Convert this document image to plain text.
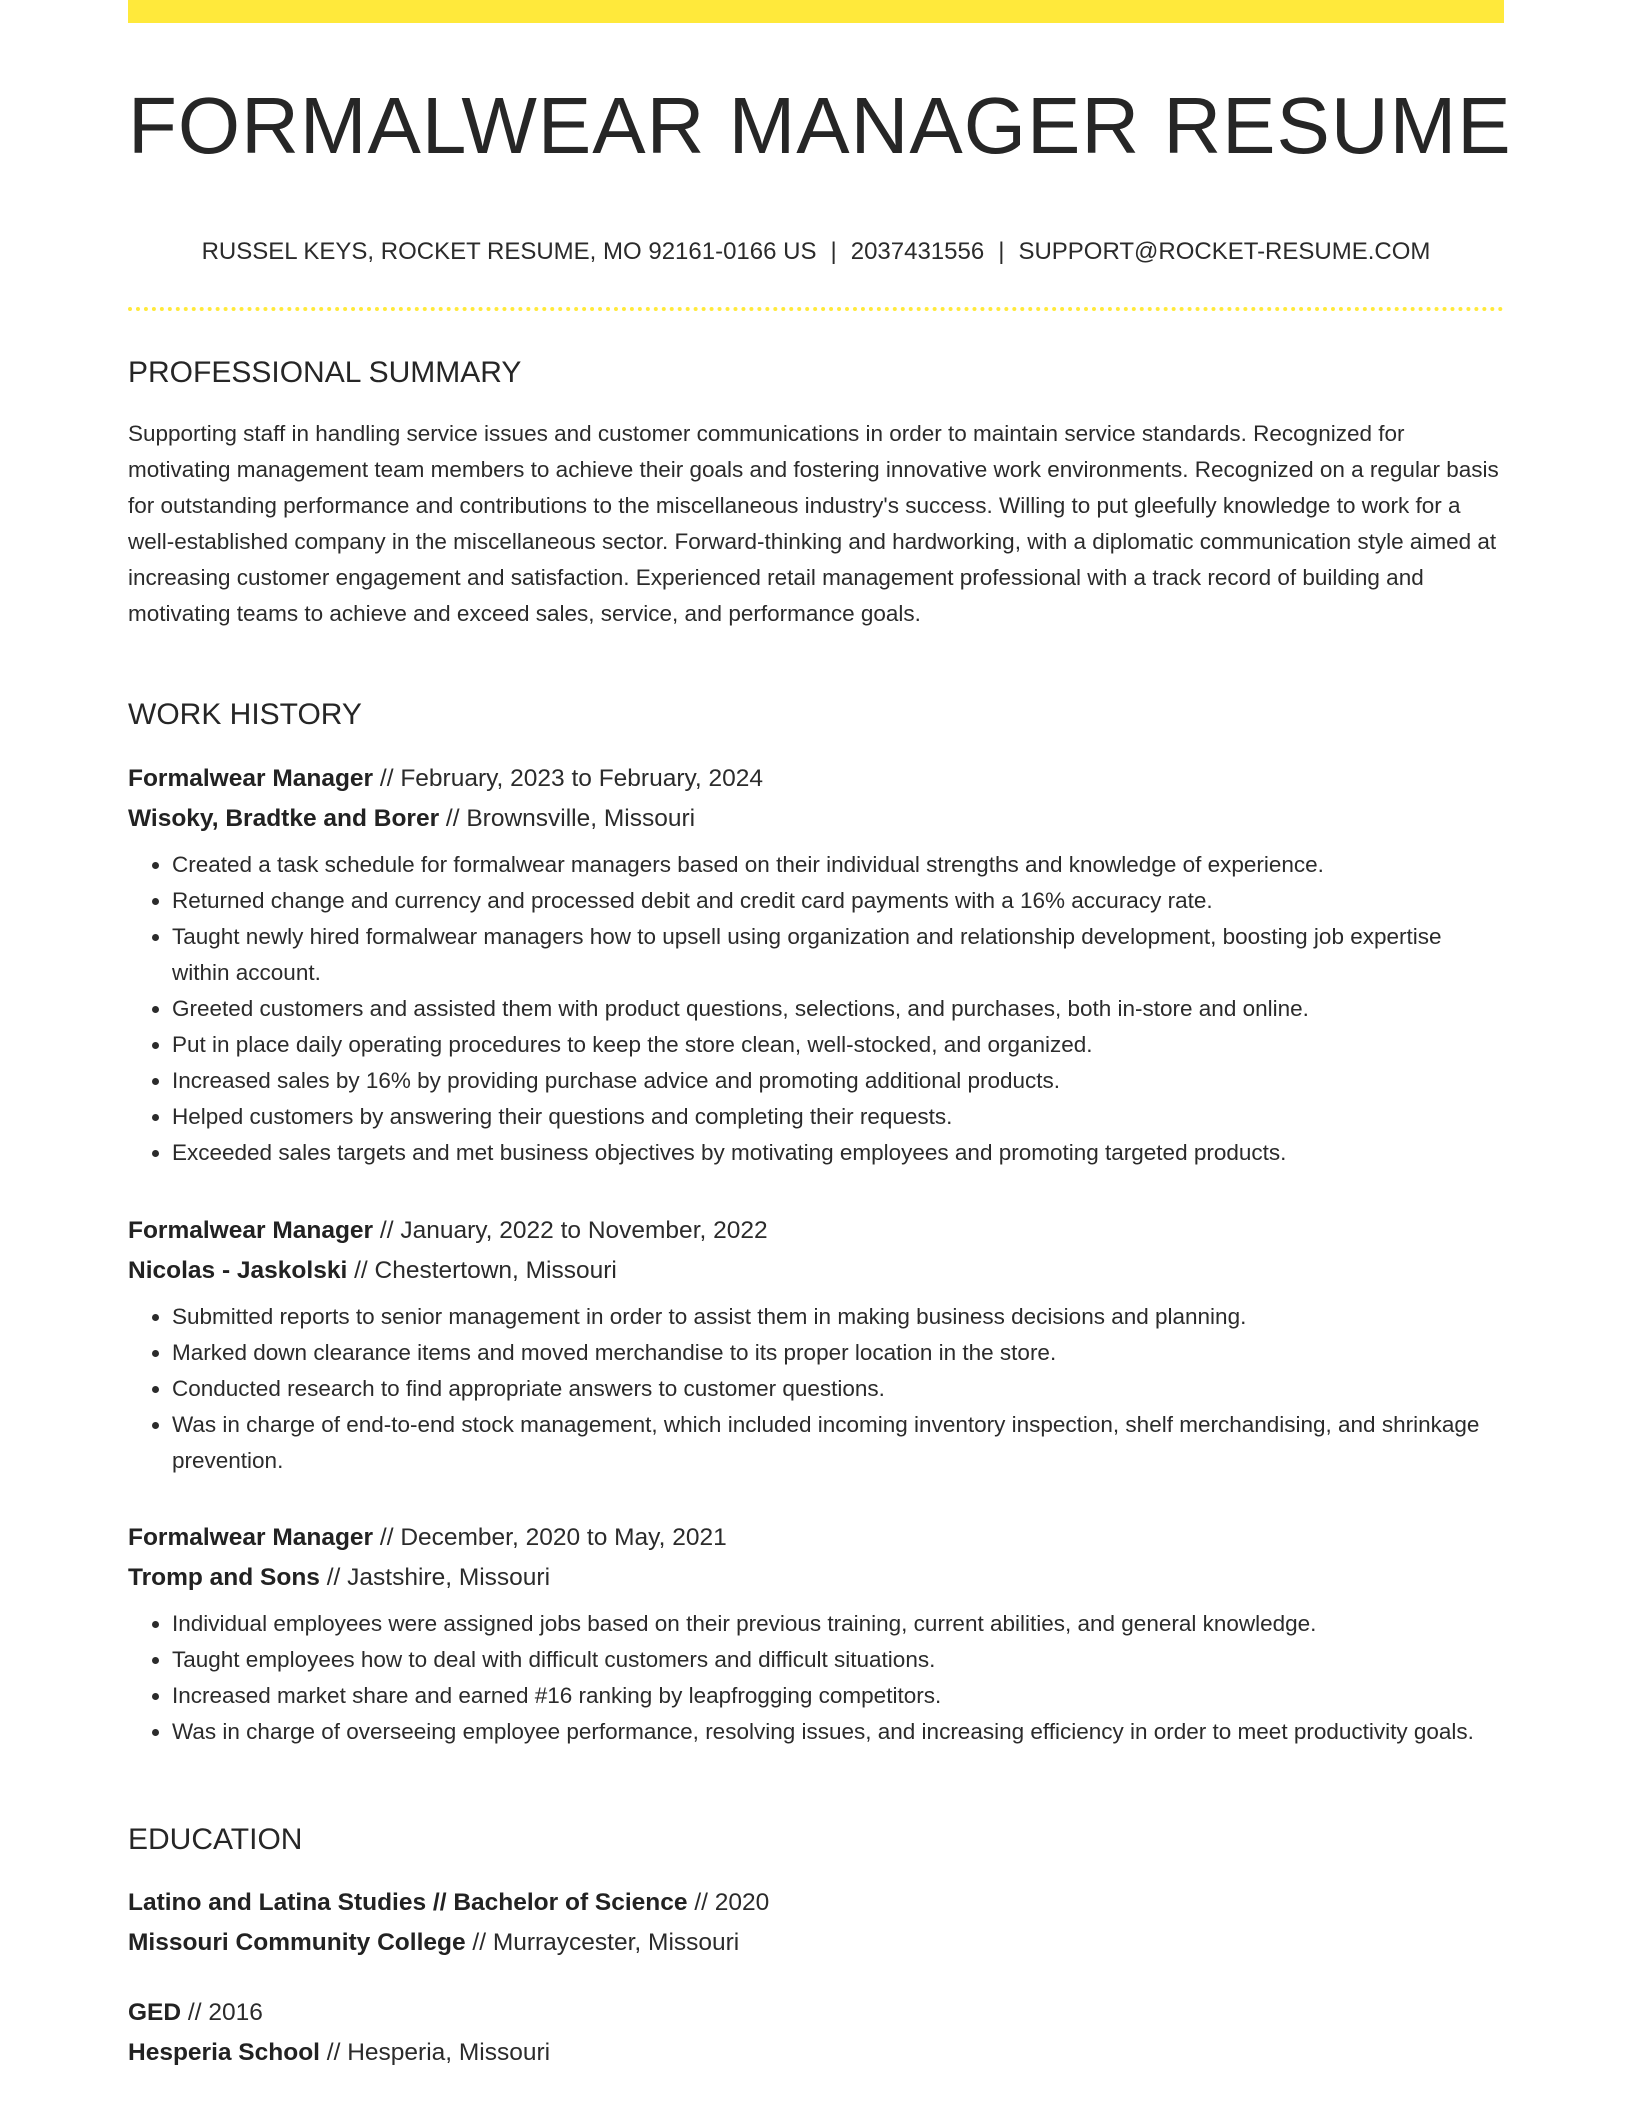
FORMALWEAR MANAGER RESUME
RUSSEL KEYS, ROCKET RESUME, MO 92161-0166 US | 2037431556 | SUPPORT@ROCKET-RESUME.COM
PROFESSIONAL SUMMARY

Supporting staff in handling service issues and customer communications in order to maintain service standards. Recognized for motivating management team members to achieve their goals and fostering innovative work environments. Recognized on a regular basis for outstanding performance and contributions to the miscellaneous industry's success. Willing to put gleefully knowledge to work for a well-established company in the miscellaneous sector. Forward-thinking and hardworking, with a diplomatic communication style aimed at increasing customer engagement and satisfaction. Experienced retail management professional with a track record of building and motivating teams to achieve and exceed sales, service, and performance goals.

WORK HISTORY
Formalwear Manager // February, 2023 to February, 2024
Wisoky, Bradtke and Borer // Brownsville, Missouri
• Created a task schedule for formalwear managers based on their individual strengths and knowledge of experience.
• Returned change and currency and processed debit and credit card payments with a 16% accuracy rate.
• Taught newly hired formalwear managers how to upsell using organization and relationship development, boosting job expertise within account.
• Greeted customers and assisted them with product questions, selections, and purchases, both in-store and online.
• Put in place daily operating procedures to keep the store clean, well-stocked, and organized.
• Increased sales by 16% by providing purchase advice and promoting additional products.
• Helped customers by answering their questions and completing their requests.
• Exceeded sales targets and met business objectives by motivating employees and promoting targeted products.
Formalwear Manager // January, 2022 to November, 2022
Nicolas - Jaskolski // Chestertown, Missouri
• Submitted reports to senior management in order to assist them in making business decisions and planning.
• Marked down clearance items and moved merchandise to its proper location in the store.
• Conducted research to find appropriate answers to customer questions.
• Was in charge of end-to-end stock management, which included incoming inventory inspection, shelf merchandising, and shrinkage prevention.
Formalwear Manager // December, 2020 to May, 2021
Tromp and Sons // Jastshire, Missouri
• Individual employees were assigned jobs based on their previous training, current abilities, and general knowledge.
• Taught employees how to deal with difficult customers and difficult situations.
• Increased market share and earned #16 ranking by leapfrogging competitors.
• Was in charge of overseeing employee performance, resolving issues, and increasing efficiency in order to meet productivity goals.
EDUCATION
Latino and Latina Studies // Bachelor of Science // 2020
Missouri Community College // Murraycester, Missouri
GED // 2016
Hesperia School // Hesperia, Missouri
